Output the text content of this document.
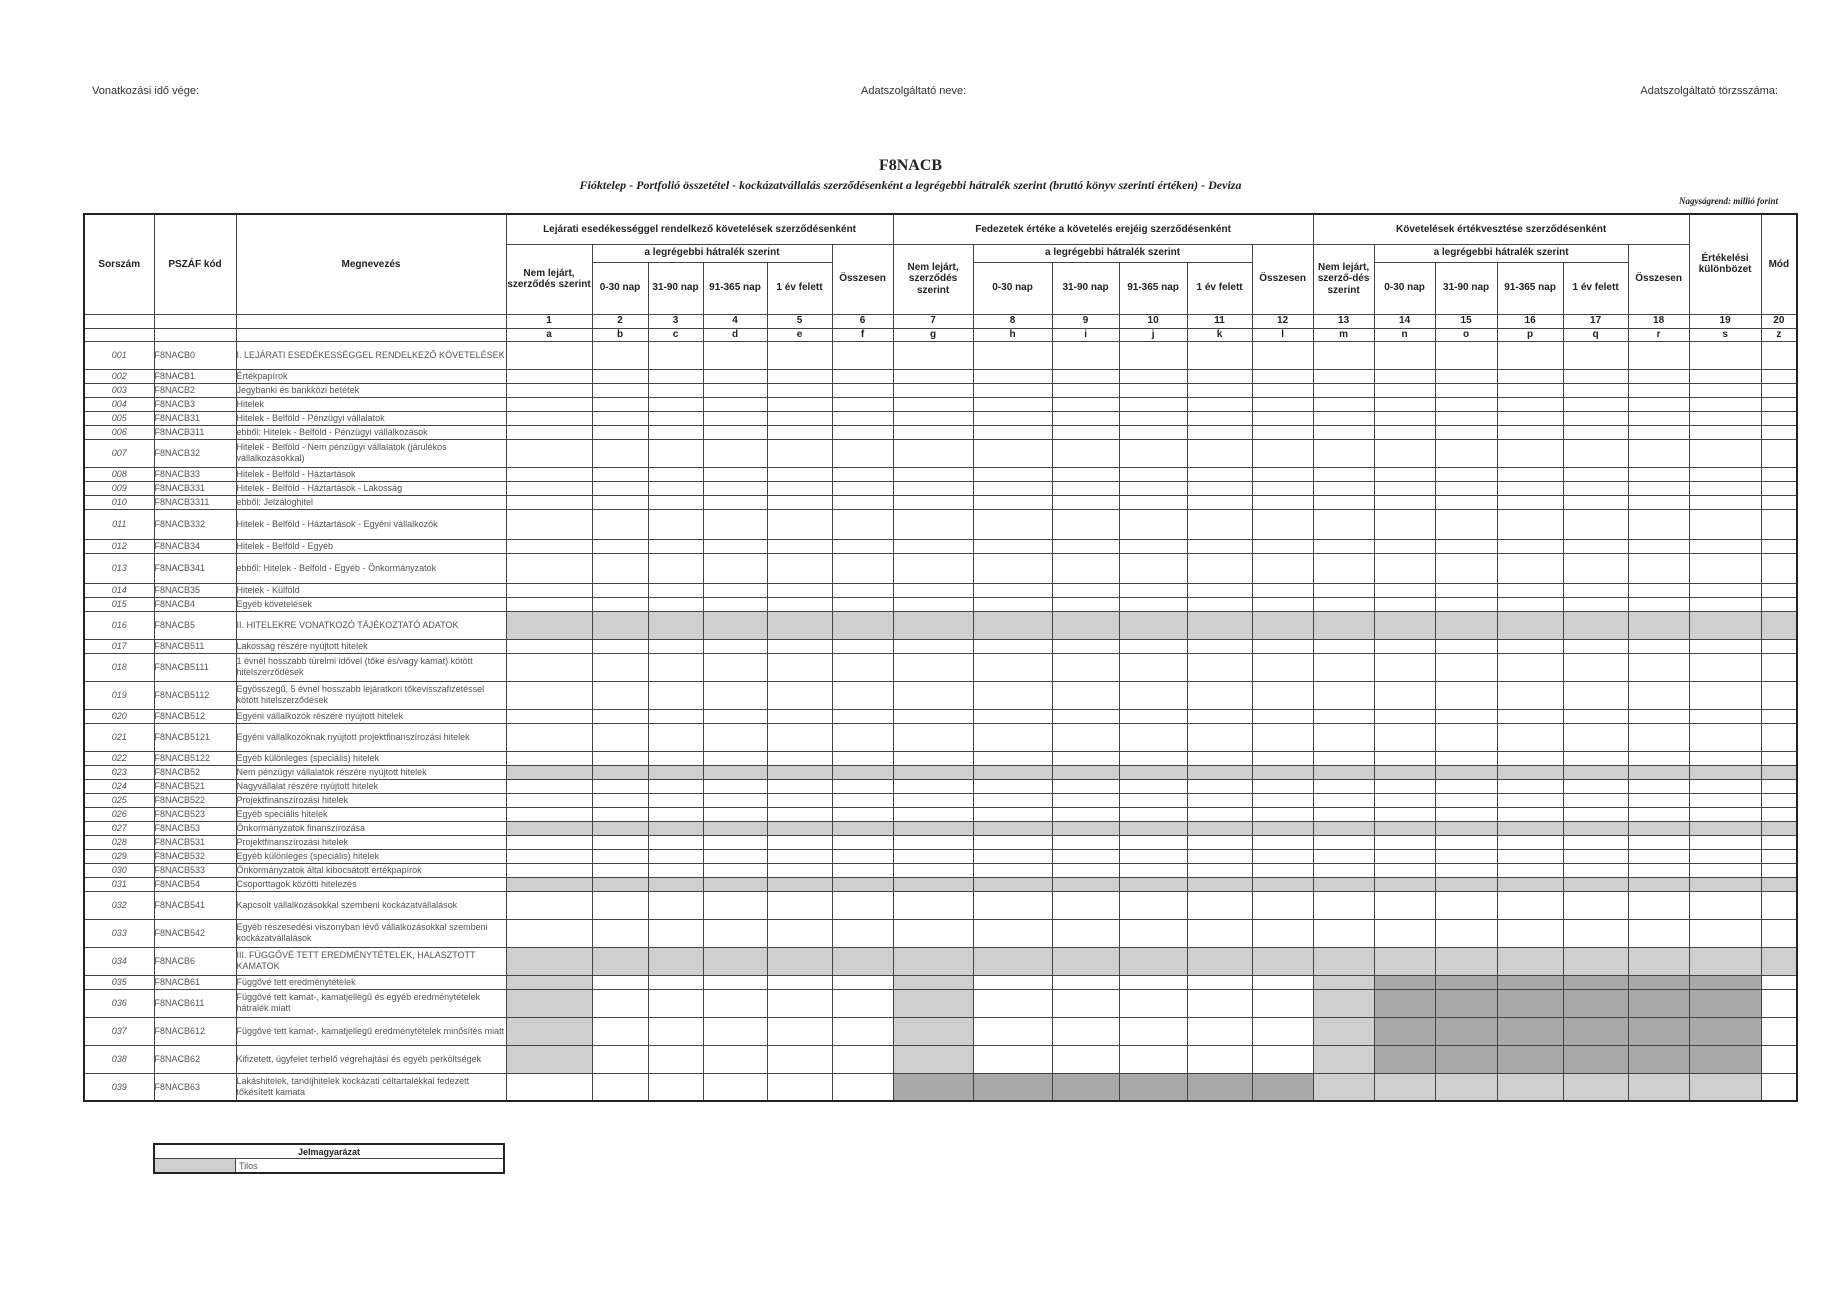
Vonatkozási idő vége:	Adatszolgáltató neve:	Adatszolgáltató törzsszáma:
F8NACB
Fióktelep - Portfolió összetétel - kockázatvállalás szerződésenként a legrégebbi hátralék szerint (bruttó könyv szerinti értéken) - Deviza
Nagyságrend: millió forint
Sorszám	PSZÁF kód	Megnevezés	Lejárati esedékességgel rendelkező követelések szerződésenként						Fedezetek értéke a követelés erejéig szerződésenként						Követelések értékvesztése szerződésenként						Értékelési különbözet	Mód
			Nem lejárt, szerződés szerint	a legrégebbi hátralék szerint				Összesen	Nem lejárt, szerződés szerint	a legrégebbi hátralék szerint				Összesen	Nem lejárt, szerző-dés szerint	a legrégebbi hátralék szerint				Összesen		
				0-30 nap	31-90 nap	91-365 nap	1 év felett			0-30 nap	31-90 nap	91-365 nap	1 év felett			0-30 nap	31-90 nap	91-365 nap	1 év felett			
			1	2	3	4	5	6	7	8	9	10	11	12	13	14	15	16	17	18	19	20
			a	b	c	d	e	f	g	h	i	j	k	l	m	n	o	p	q	r	s	z
001	F8NACB0	I. LEJÁRATI ESEDÉKESSÉGGEL RENDELKEZŐ KÖVETELÉSEK																				
002	F8NACB1	Értékpapírok																				
003	F8NACB2	Jegybanki és bankközi betétek																				
004	F8NACB3	Hitelek																				
005	F8NACB31	Hitelek - Belföld - Pénzügyi vállalatok																				
006	F8NACB311	ebből: Hitelek - Belföld - Pénzügyi vállalkozások																				
007	F8NACB32	Hitelek - Belföld - Nem pénzügyi vállalatok (járulékos vállalkozásokkal)																				
008	F8NACB33	Hitelek - Belföld - Háztartások																				
009	F8NACB331	Hitelek - Belföld - Háztartások - Lakosság																				
010	F8NACB3311	ebből: Jelzáloghitel																				
011	F8NACB332	Hitelek - Belföld - Háztartások - Egyéni vállalkozók																				
012	F8NACB34	Hitelek - Belföld - Egyéb																				
013	F8NACB341	ebből: Hitelek - Belföld - Egyéb - Önkormányzatok																				
014	F8NACB35	Hitelek - Külföld																				
015	F8NACB4	Egyéb követelések																				
016	F8NACB5	II. HITELEKRE VONATKOZÓ TÁJÉKOZTATÓ ADATOK																				
017	F8NACB511	Lakosság részére nyújtott hitelek																				
018	F8NACB5111	1 évnél hosszabb türelmi idővel (tőke és/vagy kamat) kötött hitelszerződések																				
019	F8NACB5112	Egyösszegű, 5 évnél hosszabb lejáratkori tőkevisszafizetéssel kötött hitelszerződések																				
020	F8NACB512	Egyéni vállalkozók részére nyújtott hitelek																				
021	F8NACB5121	Egyéni vállalkozóknak nyújtott projektfinanszírozási hitelek																				
022	F8NACB5122	Egyéb különleges (speciális) hitelek																				
023	F8NACB52	Nem pénzügyi vállalatok részére nyújtott hitelek																				
024	F8NACB521	Nagyvállalat részére nyújtott hitelek																				
025	F8NACB522	Projektfinanszírozási hitelek																				
026	F8NACB523	Egyéb speciális hitelek																				
027	F8NACB53	Önkormányzatok finanszírozása																				
028	F8NACB531	Projektfinanszírozási hitelek																				
029	F8NACB532	Egyéb különleges (speciális) hitelek																				
030	F8NACB533	Önkormányzatok által kibocsátott értékpapírok																				
031	F8NACB54	Csoporttagok közötti hitelezés																				
032	F8NACB541	Kapcsolt vállalkozásokkal szembeni kockázatvállalások																				
033	F8NACB542	Egyéb részesedési viszonyban lévő vállalkozásokkal szembeni kockázatvállalások																				
034	F8NACB6	III. FÜGGŐVÉ TETT EREDMÉNYTÉTELEK, HALASZTOTT KAMATOK																				
035	F8NACB61	Függővé tett eredménytételek																				
036	F8NACB611	Függővé tett kamat-, kamatjellegű és egyéb eredménytételek hátralék miatt																				
037	F8NACB612	Függővé tett kamat-, kamatjellegű eredménytételek minősítés miatt																				
038	F8NACB62	Kifizetett, ügyfelet terhelő végrehajtási és egyéb perköltségek																				
039	F8NACB63	Lakáshitelek, tandíjhitelek kockázati céltartalékkal fedezett tőkésített kamata																				
Jelmagyarázat
	Tilos
